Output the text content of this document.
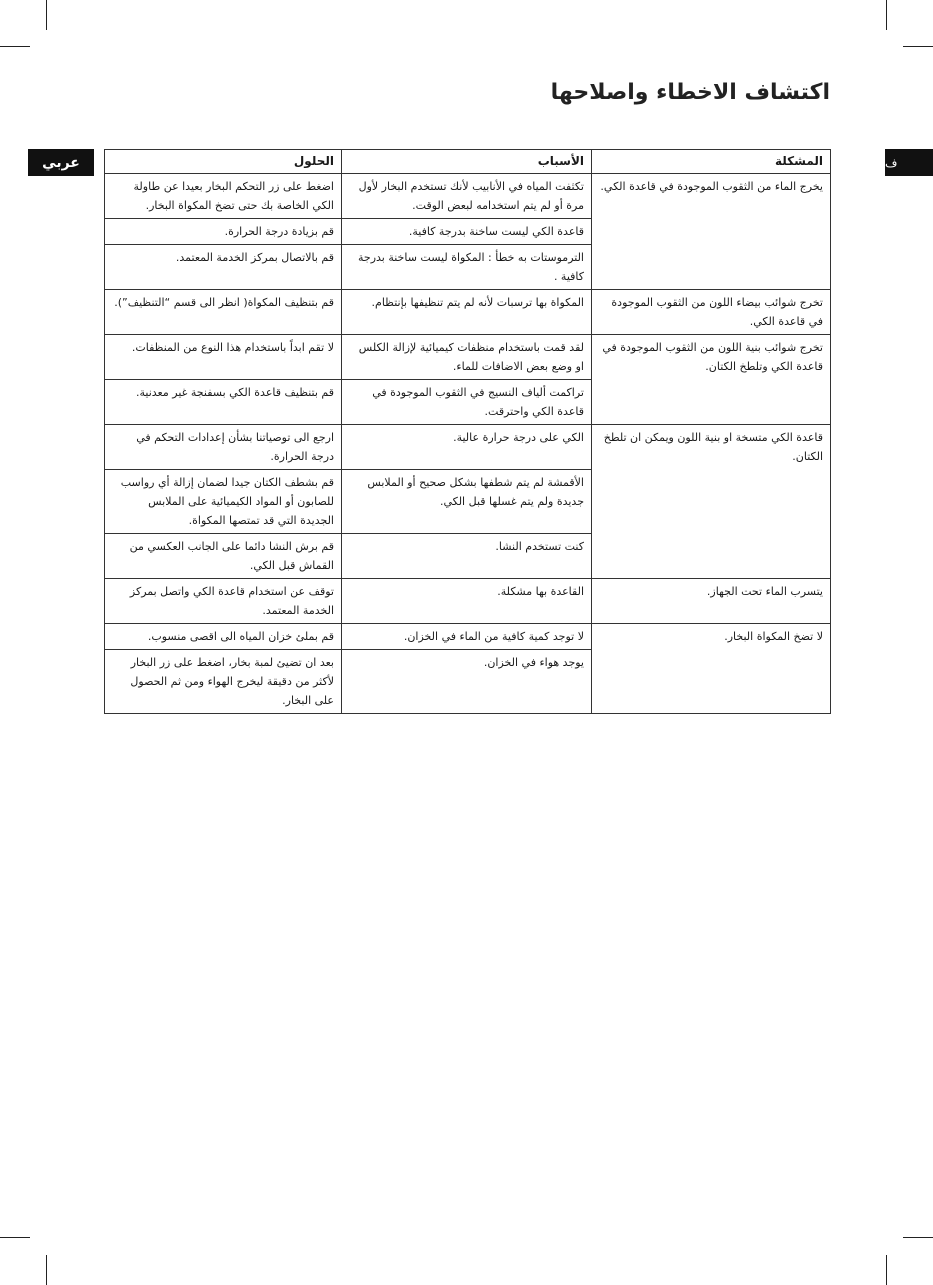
اكتشاف الاخطاء واصلاحها
عربي	ف
المشكلة	الأسباب	الحلول
يخرج الماء من الثقوب الموجودة في قاعدة الكي.	تكثفت المياه في الأنابيب لأنك تستخدم البخار لأول مرة أو لم يتم استخدامه لبعض الوقت.	اضغط على زر التحكم البخار بعيدا عن طاولة الكي الخاصة بك حتى تضخ المكواة البخار.
	قاعدة الكي ليست ساخنة بدرجة كافية.	قم بزيادة درجة الحرارة.
	الترموستات به خطأ : المكواة ليست ساخنة بدرجة كافية .	قم بالاتصال بمركز الخدمة المعتمد.
تخرج شوائب بيضاء اللون من الثقوب الموجودة في قاعدة الكي.	المكواة بها ترسبات لأنه لم يتم تنظيفها بإنتظام.	قم بتنظيف المكواة( انظر الى قسم “التنظيف”).
تخرج شوائب بنية اللون من الثقوب الموجودة في قاعدة الكي وتلطخ الكتان.	لقد قمت باستخدام منظفات كيميائية لإزالة الكلس او وضع بعض الاضافات للماء.	لا تقم ابداً باستخدام هذا النوع من المنظفات.
	تراكمت ألياف النسيج في الثقوب الموجودة في قاعدة الكي واحترقت.	قم بتنظيف قاعدة الكي بسفنجة غير معدنية.
قاعدة الكي متسخة او بنية اللون ويمكن ان تلطخ الكتان.	الكي على درجة حرارة عالية.	ارجع الى توصياتنا بشأن إعدادات التحكم في درجة الحرارة.
	الأقمشة لم يتم شطفها بشكل صحيح أو الملابس جديدة ولم يتم غسلها قبل الكي.	قم بشطف الكتان جيدا لضمان إزالة أي رواسب للصابون أو المواد الكيميائية على الملابس الجديدة التي قد تمتصها المكواة.
	كنت تستخدم النشا.	قم برش النشا دائما على الجانب العكسي من القماش قبل الكي.
يتسرب الماء تحت الجهاز.	القاعدة بها مشكلة.	توقف عن استخدام قاعدة الكي واتصل بمركز الخدمة المعتمد.
لا تضخ المكواة البخار.	لا توجد كمية كافية من الماء في الخزان.	قم بملئ خزان المياه الى اقصى منسوب.
	يوجد هواء في الخزان.	بعد ان تضيئ لمبة بخار، اضغط على زر البخار لأكثر من دقيقة ليخرج الهواء ومن ثم الحصول على البخار.
